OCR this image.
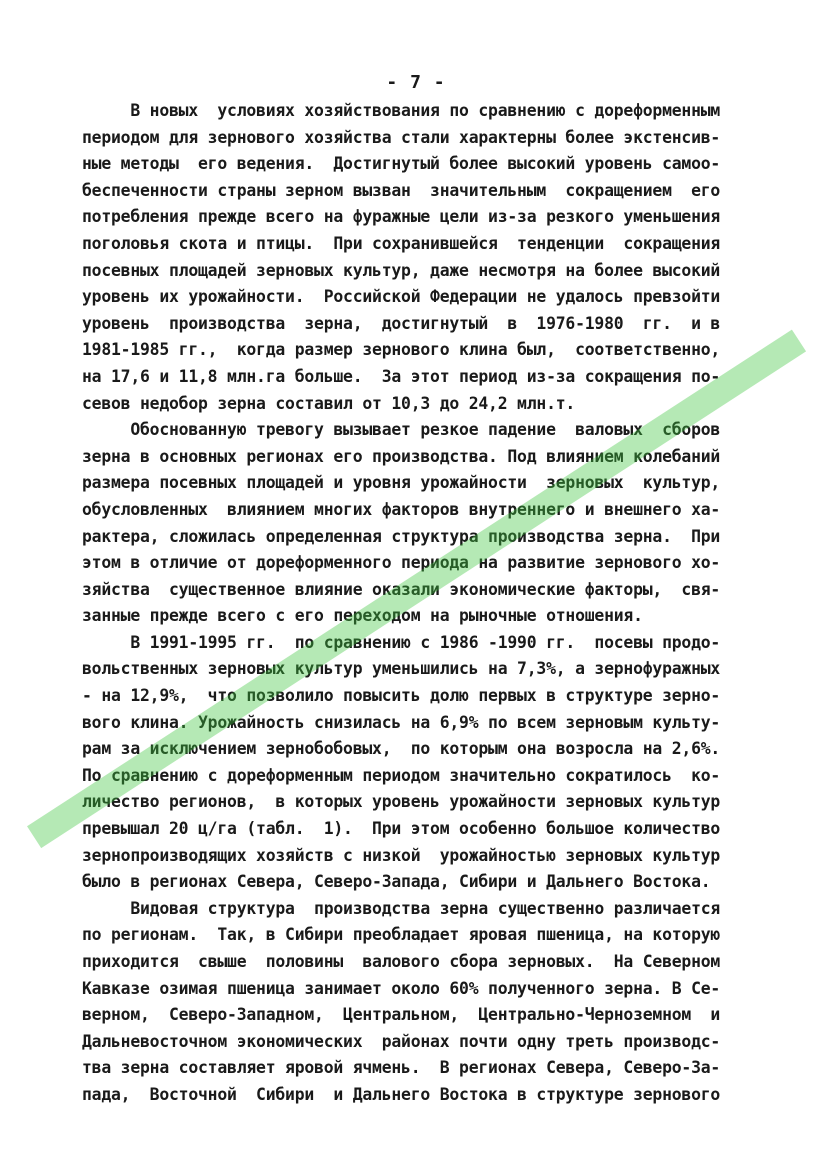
- 7 -
В новых  условиях хозяйствования по сравнению с дореформенным
периодом для зернового хозяйства стали характерны более экстенсив-
ные методы  его ведения.  Достигнутый более высокий уровень самоо-
беспеченности страны зерном вызван  значительным  сокращением  его
потребления прежде всего на фуражные цели из-за резкого уменьшения
поголовья скота и птицы.  При сохранившейся  тенденции  сокращения
посевных площадей зерновых культур, даже несмотря на более высокий
уровень их урожайности.  Российской Федерации не удалось превзойти
уровень  производства  зерна,  достигнутый  в  1976-1980  гг.  и в
1981-1985 гг.,  когда размер зернового клина был,  соответственно,
на 17,6 и 11,8 млн.га больше.  За этот период из-за сокращения по-
севов недобор зерна составил от 10,3 до 24,2 млн.т.
Обоснованную тревогу вызывает резкое падение  валовых  сборов
зерна в основных регионах его производства. Под влиянием колебаний
размера посевных площадей и уровня урожайности  зерновых  культур,
обусловленных  влиянием многих факторов внутреннего и внешнего ха-
рактера, сложилась определенная структура производства зерна.  При
этом в отличие от дореформенного периода на развитие зернового хо-
зяйства  существенное влияние оказали экономические факторы,  свя-
занные прежде всего с его переходом на рыночные отношения.
В 1991-1995 гг.  по сравнению с 1986 -1990 гг.  посевы продо-
вольственных зерновых культур уменьшились на 7,3%, а зернофуражных
- на 12,9%,  что позволило повысить долю первых в структуре зерно-
вого клина. Урожайность снизилась на 6,9% по всем зерновым культу-
рам за исключением зернобобовых,  по которым она возросла на 2,6%.
По сравнению с дореформенным периодом значительно сократилось  ко-
личество регионов,  в которых уровень урожайности зерновых культур
превышал 20 ц/га (табл.  1).  При этом особенно большое количество
зернопроизводящих хозяйств с низкой  урожайностью зерновых культур
было в регионах Севера, Северо-Запада, Сибири и Дальнего Востока.
Видовая структура  производства зерна существенно различается
по регионам.  Так, в Сибири преобладает яровая пшеница, на которую
приходится  свыше  половины  валового сбора зерновых.  На Северном
Кавказе озимая пшеница занимает около 60% полученного зерна. В Се-
верном,  Северо-Западном,  Центральном,  Центрально-Черноземном  и
Дальневосточном экономических  районах почти одну треть производс-
тва зерна составляет яровой ячмень.  В регионах Севера, Северо-За-
пада,  Восточной  Сибири  и Дальнего Востока в структуре зернового
